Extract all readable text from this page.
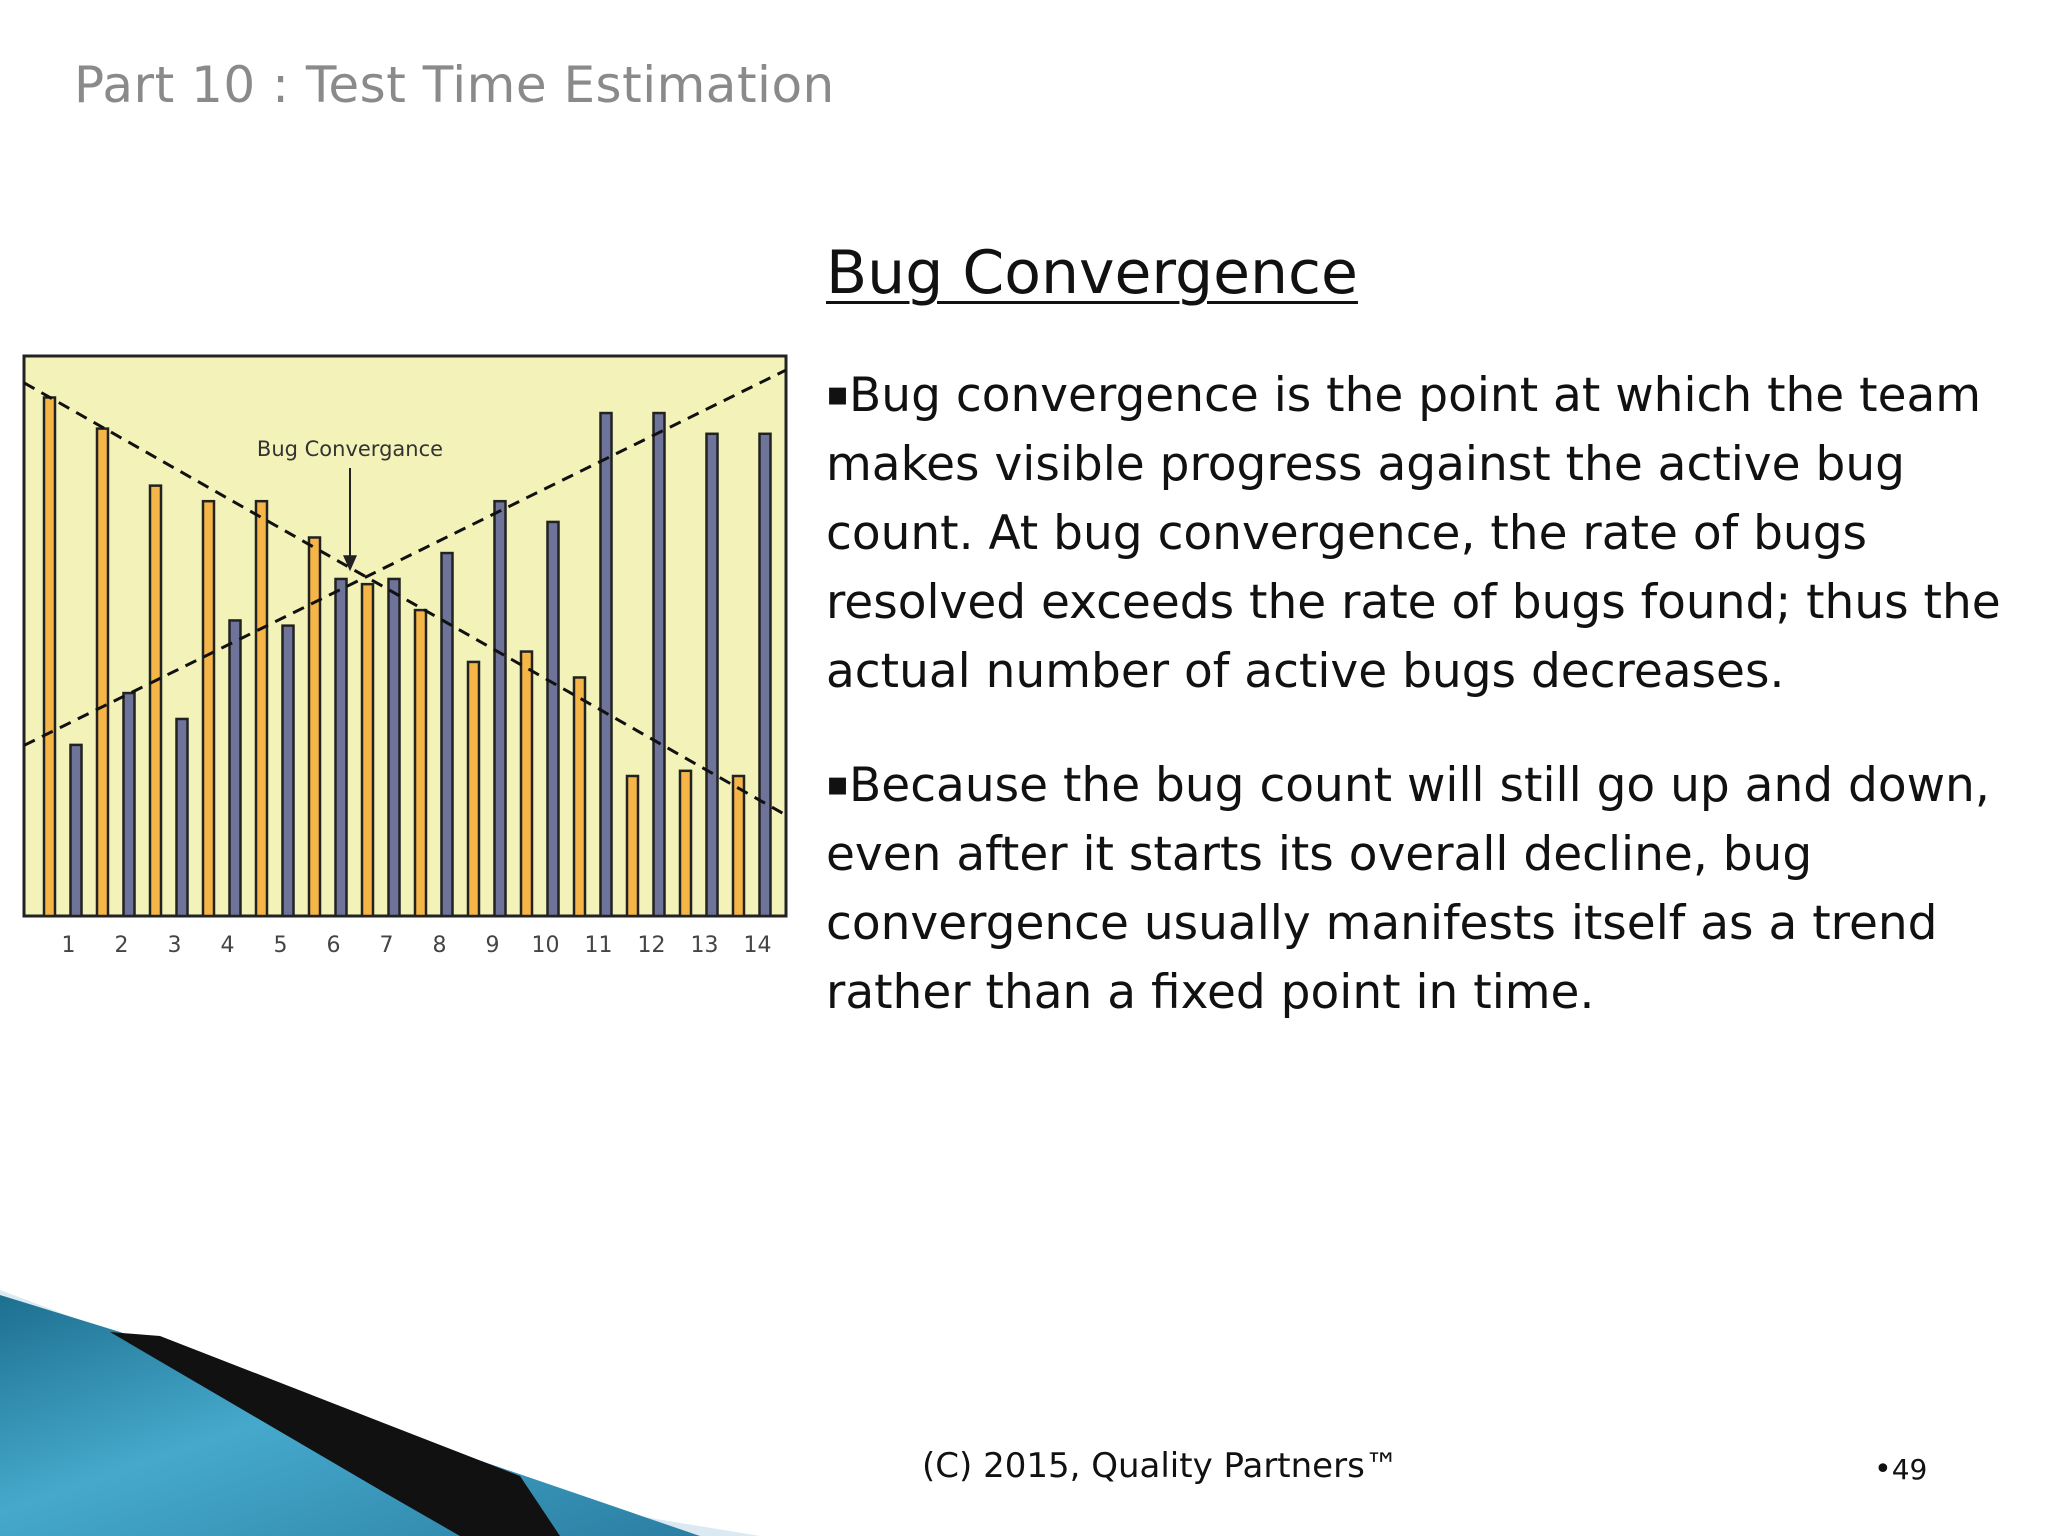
Part 10 : Test Time Estimation
1 2 3 4 5 6 7 8 9 10 11 12 13 14
Bug Convergance
Bug Convergence

▪Bug convergence is the point at which the team makes visible progress against the active bug count. At bug convergence, the rate of bugs resolved exceeds the rate of bugs found; thus the actual number of active bugs decreases.

▪Because the bug count will still go up and down, even after it starts its overall decline, bug convergence usually manifests itself as a trend rather than a fixed point in time.

(C) 2015, Quality Partners™	•49
